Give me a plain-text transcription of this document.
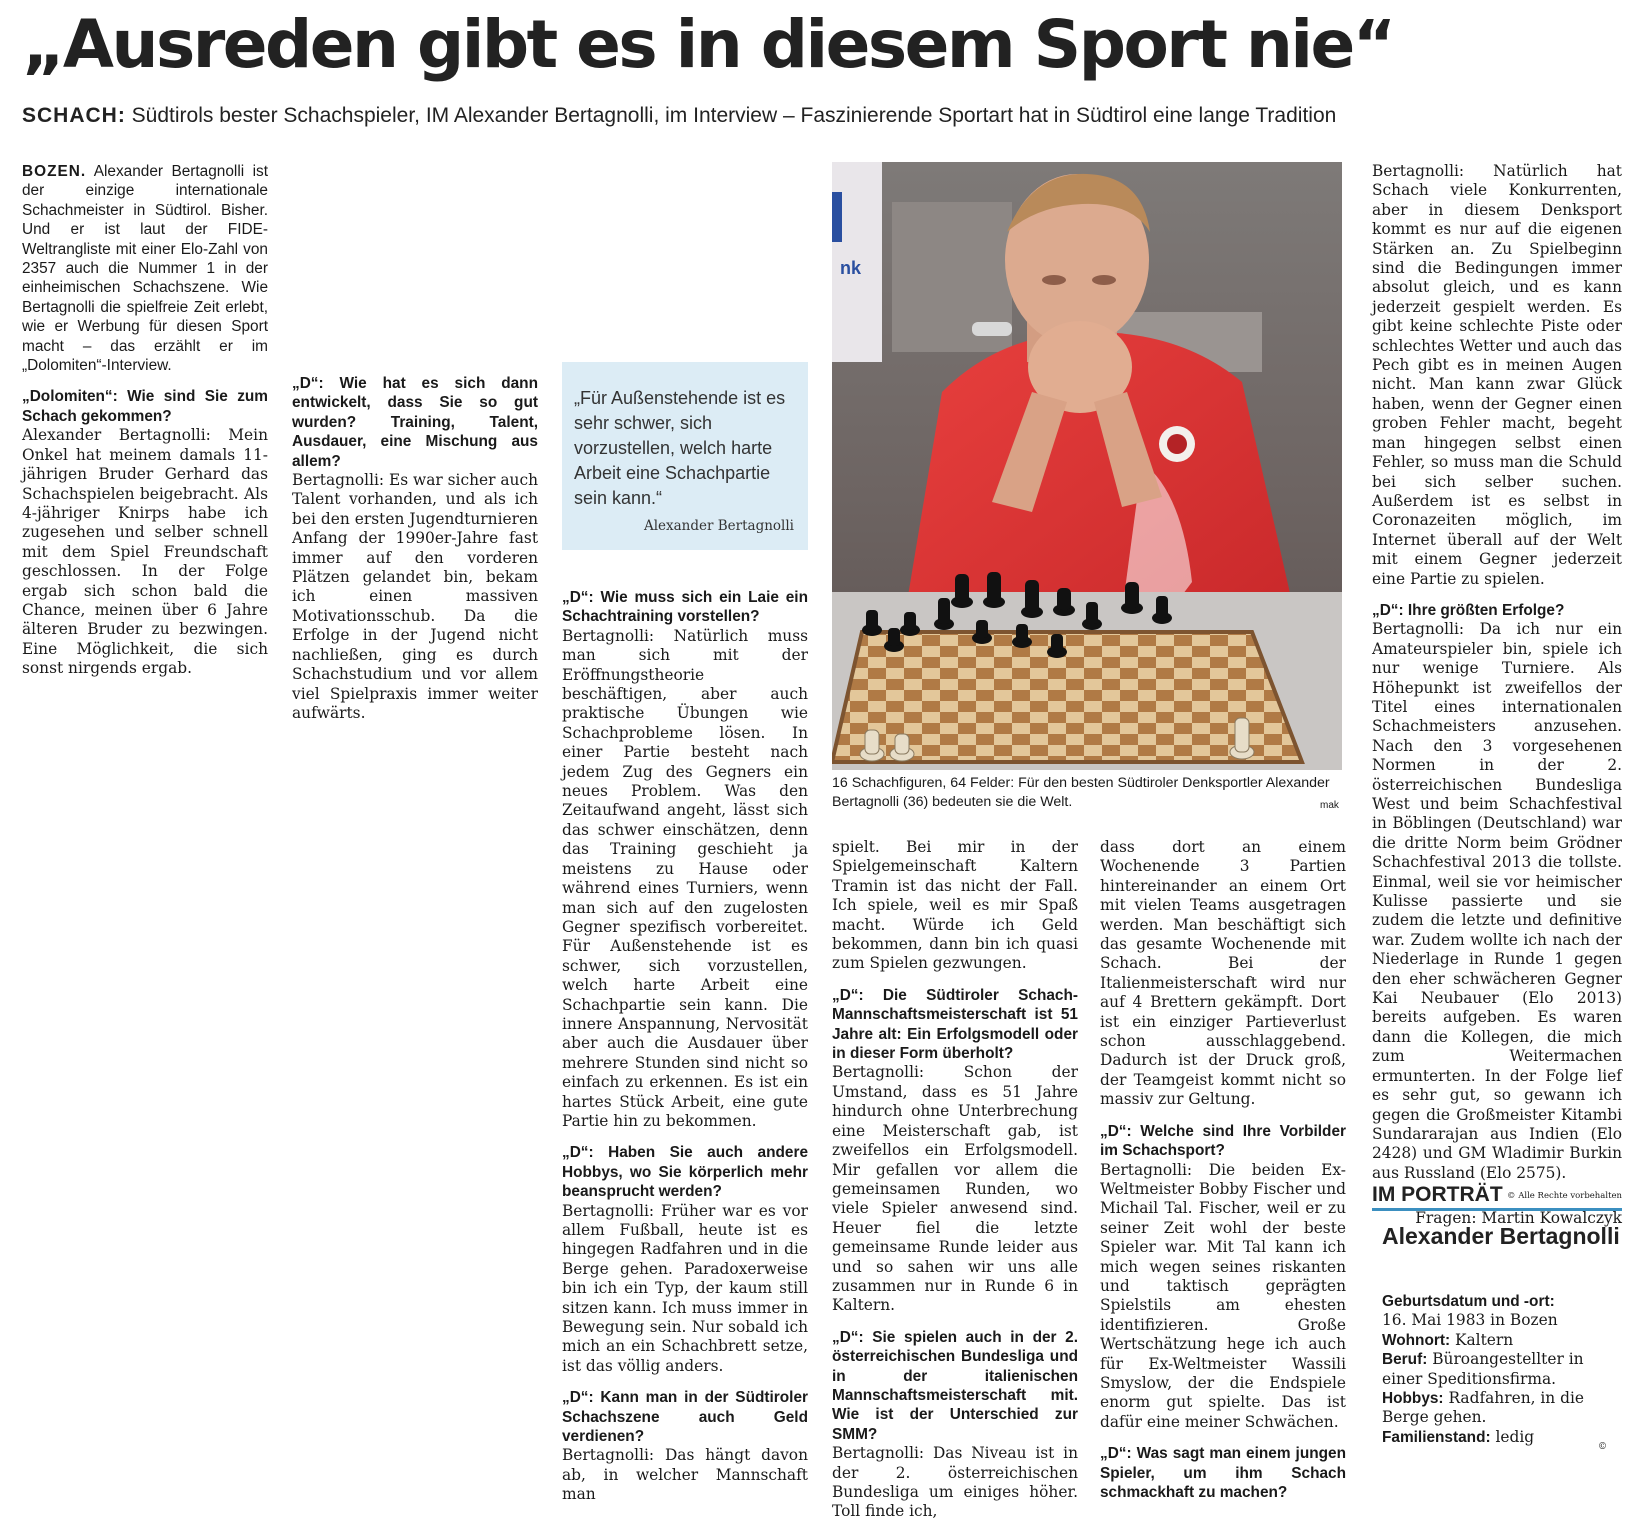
„Ausreden gibt es in diesem Sport nie“
SCHACH: Südtirols bester Schachspieler, IM Alexander Bertagnolli, im Interview – Faszinierende Sportart hat in Südtirol eine lange Tradition

BOZEN. Alexander Bertagnolli ist der einzige internationale Schachmeister in Südtirol. Bisher. Und er ist laut der FIDE-Weltrangliste mit einer Elo-Zahl von 2357 auch die Nummer 1 in der einheimischen Schachszene. Wie Bertagnolli die spielfreie Zeit erlebt, wie er Werbung für diesen Sport macht – das erzählt er im „Dolomiten“-Interview.

„Dolomiten“: Wie sind Sie zum Schach gekommen?

Alexander Bertagnolli: Mein Onkel hat meinem damals 11-jährigen Bruder Gerhard das Schachspielen beigebracht. Als 4-jähriger Knirps habe ich zugesehen und selber schnell mit dem Spiel Freundschaft geschlossen. In der Folge ergab sich schon bald die Chance, meinen über 6 Jahre älteren Bruder zu bezwingen. Eine Möglichkeit, die sich sonst nirgends ergab.

„D“: Wie hat es sich dann entwickelt, dass Sie so gut wurden? Training, Talent, Ausdauer, eine Mischung aus allem?

Bertagnolli: Es war sicher auch Talent vorhanden, und als ich bei den ersten Jugendturnieren Anfang der 1990er-Jahre fast immer auf den vorderen Plätzen gelandet bin, bekam ich einen massiven Motivationsschub. Da die Erfolge in der Jugend nicht nachließen, ging es durch Schachstudium und vor allem viel Spielpraxis immer weiter aufwärts.

„Für Außenstehende ist es sehr schwer, sich vorzustellen, welch harte Arbeit eine Schachpartie sein kann.“
Alexander Bertagnolli

„D“: Wie muss sich ein Laie ein Schachtraining vorstellen?

Bertagnolli: Natürlich muss man sich mit der Eröffnungstheorie beschäftigen, aber auch praktische Übungen wie Schachprobleme lösen. In einer Partie besteht nach jedem Zug des Gegners ein neues Problem. Was den Zeitaufwand angeht, lässt sich das schwer einschätzen, denn das Training geschieht ja meistens zu Hause oder während eines Turniers, wenn man sich auf den zugelosten Gegner spezifisch vorbereitet. Für Außenstehende ist es schwer, sich vorzustellen, welch harte Arbeit eine Schachpartie sein kann. Die innere Anspannung, Nervosität aber auch die Ausdauer über mehrere Stunden sind nicht so einfach zu erkennen. Es ist ein hartes Stück Arbeit, eine gute Partie hin zu bekommen.

„D“: Haben Sie auch andere Hobbys, wo Sie körperlich mehr beansprucht werden?

Bertagnolli: Früher war es vor allem Fußball, heute ist es hingegen Radfahren und in die Berge gehen. Paradoxerweise bin ich ein Typ, der kaum still sitzen kann. Ich muss immer in Bewegung sein. Nur sobald ich mich an ein Schachbrett setze, ist das völlig anders.

„D“: Kann man in der Südtiroler Schachszene auch Geld verdienen?

Bertagnolli: Das hängt davon ab, in welcher Mannschaft man

nk
16 Schachfiguren, 64 Felder: Für den besten Südtiroler Denksportler Alexander Bertagnolli (36) bedeuten sie die Welt.	mak

spielt. Bei mir in der Spielgemeinschaft Kaltern Tramin ist das nicht der Fall. Ich spiele, weil es mir Spaß macht. Würde ich Geld bekommen, dann bin ich quasi zum Spielen gezwungen.

„D“: Die Südtiroler Schach-Mannschaftsmeisterschaft ist 51 Jahre alt: Ein Erfolgsmodell oder in dieser Form überholt?

Bertagnolli: Schon der Umstand, dass es 51 Jahre hindurch ohne Unterbrechung eine Meisterschaft gab, ist zweifellos ein Erfolgsmodell. Mir gefallen vor allem die gemeinsamen Runden, wo viele Spieler anwesend sind. Heuer fiel die letzte gemeinsame Runde leider aus und so sahen wir uns alle zusammen nur in Runde 6 in Kaltern.

„D“: Sie spielen auch in der 2. österreichischen Bundesliga und in der italienischen Mannschaftsmeisterschaft mit. Wie ist der Unterschied zur SMM?

Bertagnolli: Das Niveau ist in der 2. österreichischen Bundesliga um einiges höher. Toll finde ich,

dass dort an einem Wochenende 3 Partien hintereinander an einem Ort mit vielen Teams ausgetragen werden. Man beschäftigt sich das gesamte Wochenende mit Schach. Bei der Italienmeisterschaft wird nur auf 4 Brettern gekämpft. Dort ist ein einziger Partieverlust schon ausschlaggebend. Dadurch ist der Druck groß, der Teamgeist kommt nicht so massiv zur Geltung.

„D“: Welche sind Ihre Vorbilder im Schachsport?

Bertagnolli: Die beiden Ex-Weltmeister Bobby Fischer und Michail Tal. Fischer, weil er zu seiner Zeit wohl der beste Spieler war. Mit Tal kann ich mich wegen seines riskanten und taktisch geprägten Spielstils am ehesten identifizieren. Große Wertschätzung hege ich auch für Ex-Weltmeister Wassili Smyslow, der die Endspiele enorm gut spielte. Das ist dafür eine meiner Schwächen.

„D“: Was sagt man einem jungen Spieler, um ihm Schach schmackhaft zu machen?

Bertagnolli: Natürlich hat Schach viele Konkurrenten, aber in diesem Denksport kommt es nur auf die eigenen Stärken an. Zu Spielbeginn sind die Bedingungen immer absolut gleich, und es kann jederzeit gespielt werden. Es gibt keine schlechte Piste oder schlechtes Wetter und auch das Pech gibt es in meinen Augen nicht. Man kann zwar Glück haben, wenn der Gegner einen groben Fehler macht, begeht man hingegen selbst einen Fehler, so muss man die Schuld bei sich selber suchen. Außerdem ist es selbst in Coronazeiten möglich, im Internet überall auf der Welt mit einem Gegner jederzeit eine Partie zu spielen.

„D“: Ihre größten Erfolge?

Bertagnolli: Da ich nur ein Amateurspieler bin, spiele ich nur wenige Turniere. Als Höhepunkt ist zweifellos der Titel eines internationalen Schachmeisters anzusehen. Nach den 3 vorgesehenen Normen in der 2. österreichischen Bundesliga West und beim Schachfestival in Böblingen (Deutschland) war die dritte Norm beim Grödner Schachfestival 2013 die tollste. Einmal, weil sie vor heimischer Kulisse passierte und sie zudem die letzte und definitive war. Zudem wollte ich nach der Niederlage in Runde 1 gegen den eher schwächeren Gegner Kai Neubauer (Elo 2013) bereits aufgeben. Es waren dann die Kollegen, die mich zum Weitermachen ermunterten. In der Folge lief es sehr gut, so gewann ich gegen die Großmeister Kitambi Sundararajan aus Indien (Elo 2428) und GM Wladimir Burkin aus Russland (Elo 2575).

© Alle Rechte vorbehalten

Fragen: Martin Kowalczyk

IM PORTRÄT
Alexander Bertagnolli

Geburtsdatum und -ort:
16. Mai 1983 in Bozen

Wohnort: Kaltern

Beruf: Büroangestellter in einer Speditionsfirma.

Hobbys: Radfahren, in die Berge gehen.

Familienstand: ledig

©
